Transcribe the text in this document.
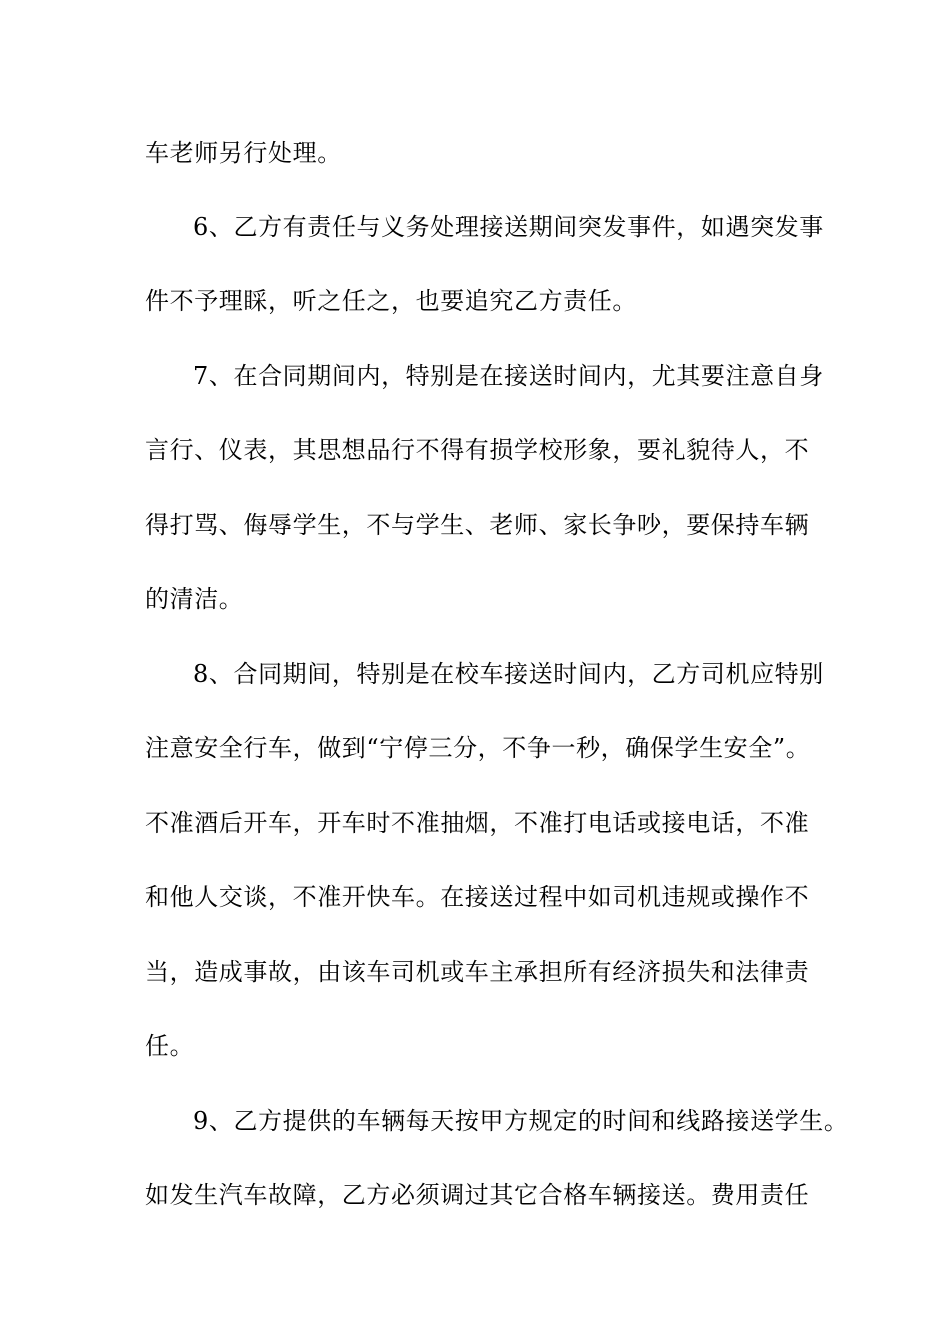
车老师另行处理。
6、乙方有责任与义务处理接送期间突发事件，如遇突发事
件不予理睬，听之任之，也要追究乙方责任。
7、在合同期间内，特别是在接送时间内，尤其要注意自身
言行、仪表，其思想品行不得有损学校形象，要礼貌待人，不
得打骂、侮辱学生，不与学生、老师、家长争吵，要保持车辆
的清洁。
8、合同期间，特别是在校车接送时间内，乙方司机应特别
注意安全行车，做到“宁停三分，不争一秒，确保学生安全”。
不准酒后开车，开车时不准抽烟，不准打电话或接电话，不准
和他人交谈，不准开快车。在接送过程中如司机违规或操作不
当，造成事故，由该车司机或车主承担所有经济损失和法律责
任。
9、乙方提供的车辆每天按甲方规定的时间和线路接送学生。
如发生汽车故障，乙方必须调过其它合格车辆接送。费用责任
